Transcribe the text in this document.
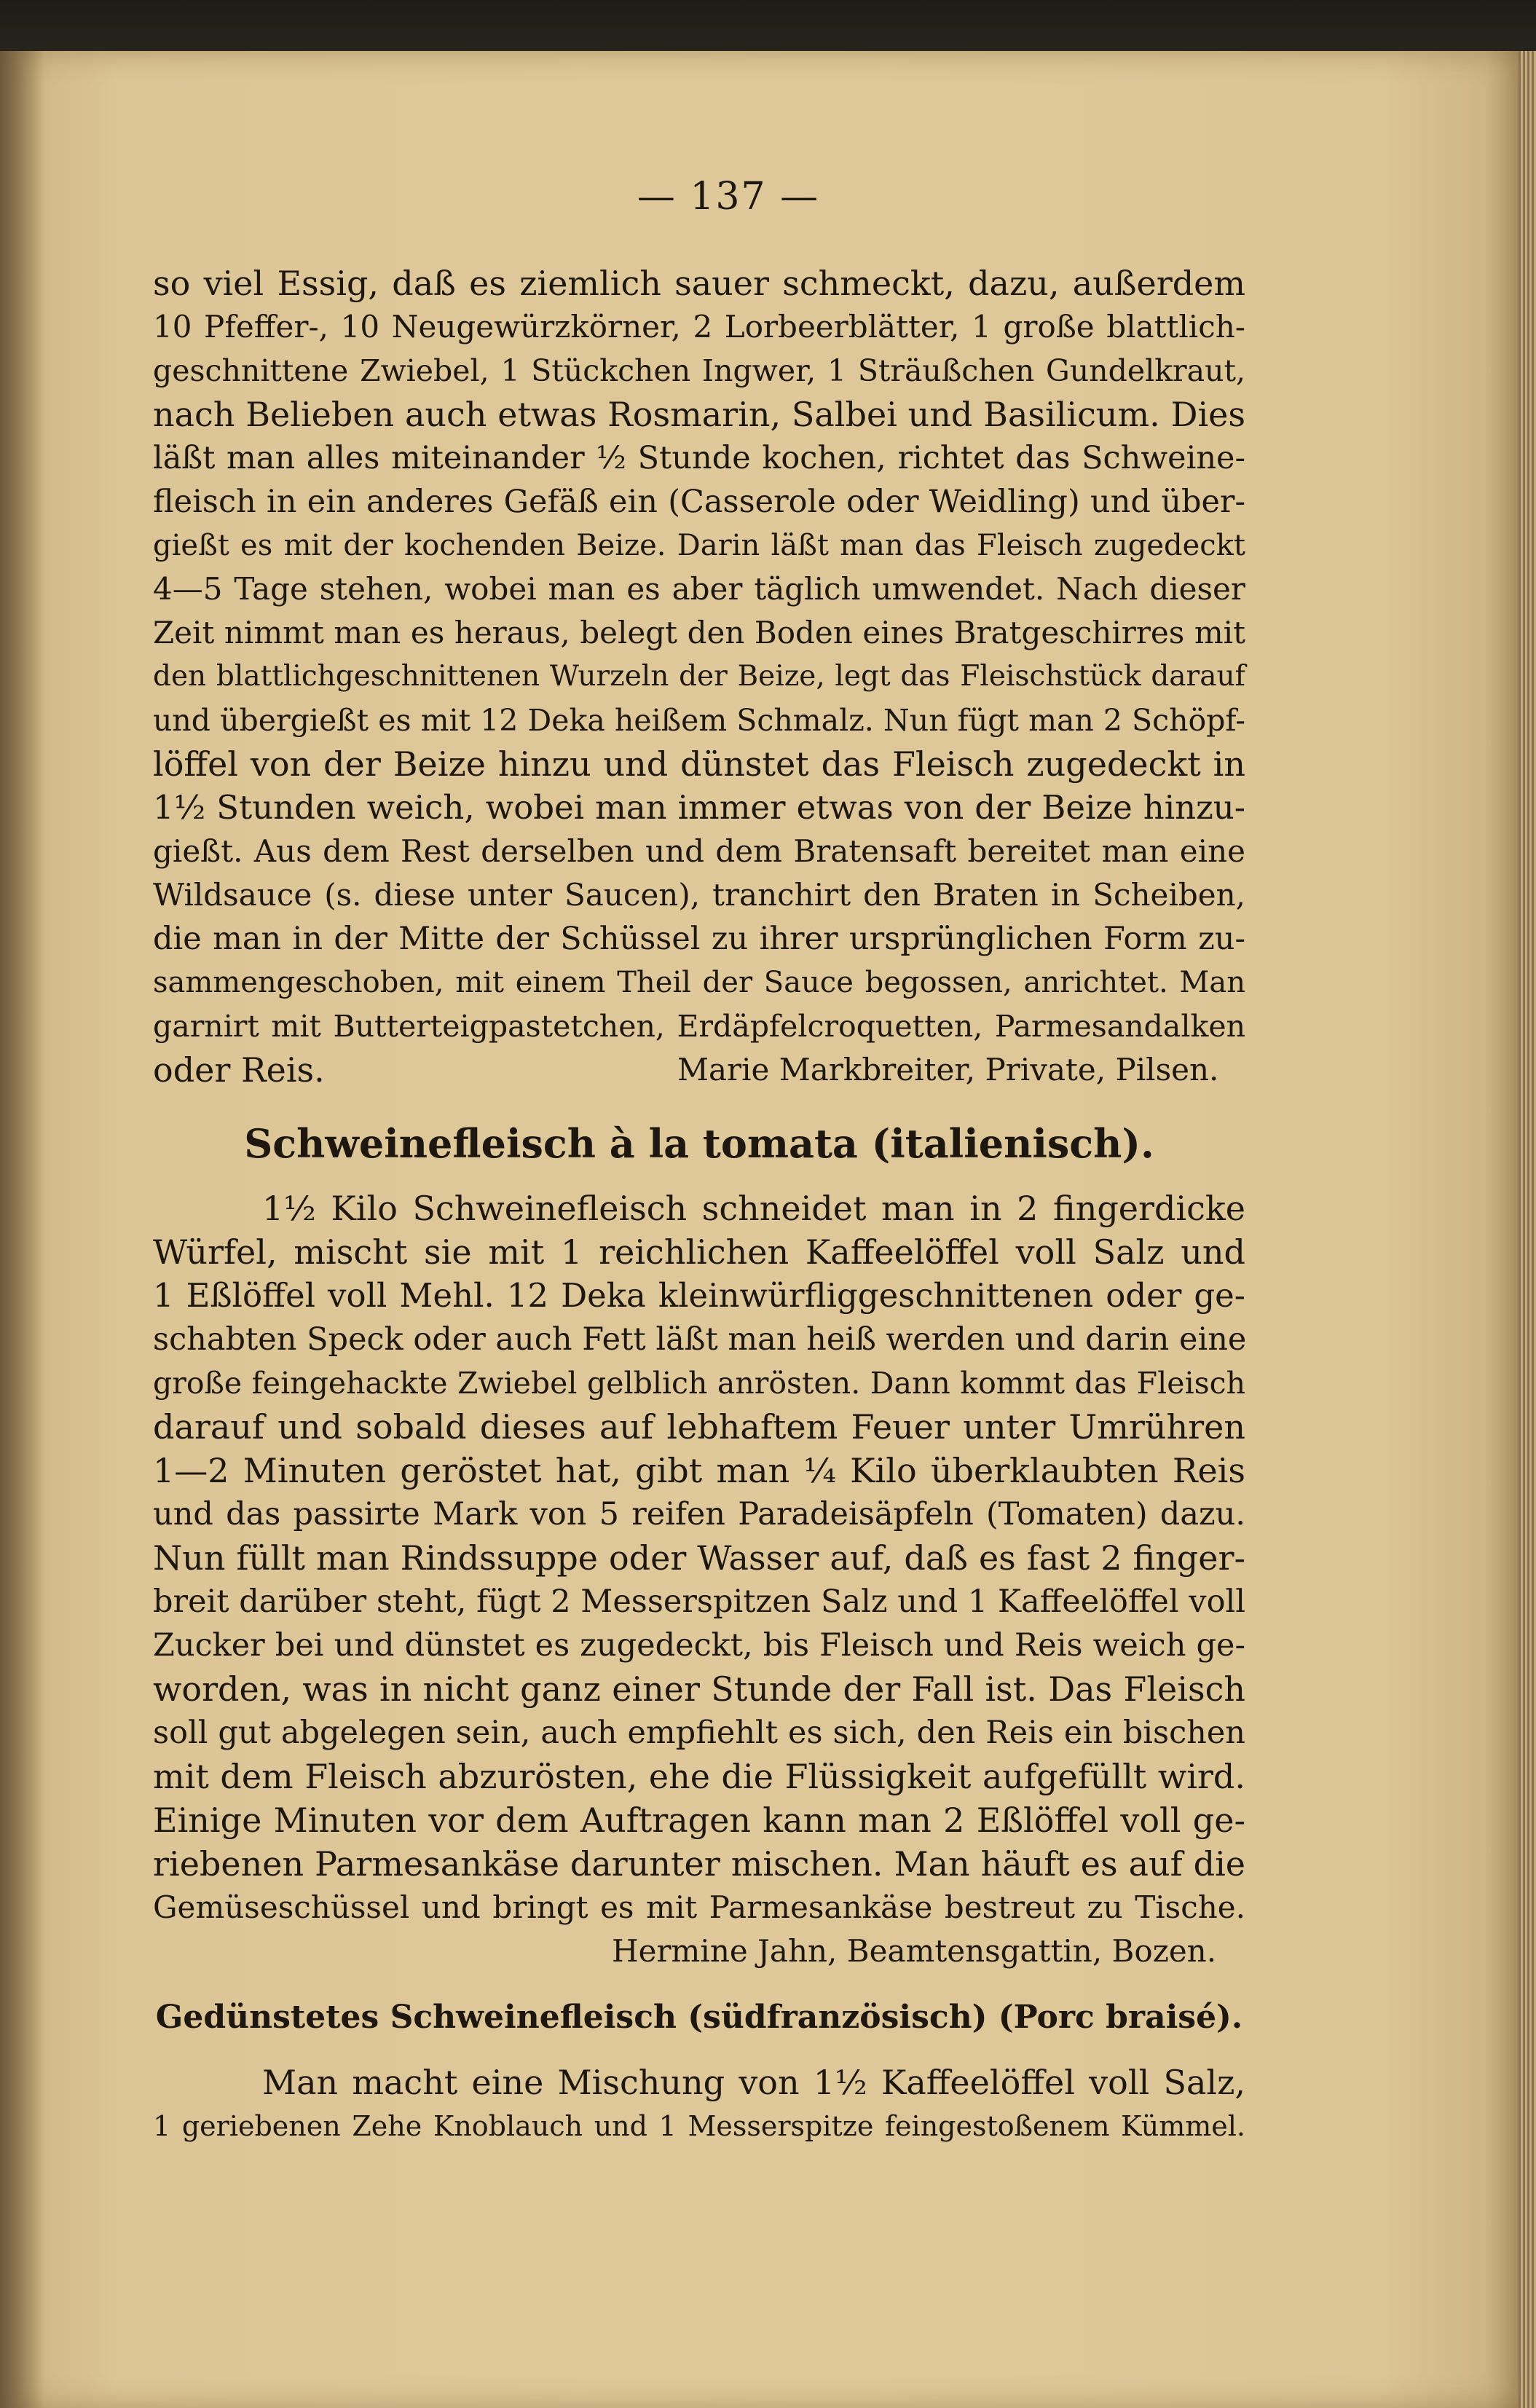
— 137 —
so viel Essig, daß es ziemlich sauer schmeckt, dazu, außerdem
10 Pfeffer-, 10 Neugewürzkörner, 2 Lorbeerblätter, 1 große blattlich-
geschnittene Zwiebel, 1 Stückchen Ingwer, 1 Sträußchen Gundelkraut,
nach Belieben auch etwas Rosmarin, Salbei und Basilicum. Dies
läßt man alles miteinander ½ Stunde kochen, richtet das Schweine-
fleisch in ein anderes Gefäß ein (Casserole oder Weidling) und über-
gießt es mit der kochenden Beize. Darin läßt man das Fleisch zugedeckt
4—5 Tage stehen, wobei man es aber täglich umwendet. Nach dieser
Zeit nimmt man es heraus, belegt den Boden eines Bratgeschirres mit
den blattlichgeschnittenen Wurzeln der Beize, legt das Fleischstück darauf
und übergießt es mit 12 Deka heißem Schmalz. Nun fügt man 2 Schöpf-
löffel von der Beize hinzu und dünstet das Fleisch zugedeckt in
1½ Stunden weich, wobei man immer etwas von der Beize hinzu-
gießt. Aus dem Rest derselben und dem Bratensaft bereitet man eine
Wildsauce (s. diese unter Saucen), tranchirt den Braten in Scheiben,
die man in der Mitte der Schüssel zu ihrer ursprünglichen Form zu-
sammengeschoben, mit einem Theil der Sauce begossen, anrichtet. Man
garnirt mit Butterteigpastetchen, Erdäpfelcroquetten, Parmesandalken
oder Reis.	Marie Markbreiter, Private, Pilsen.
Schweinefleisch à la tomata (italienisch).
1½ Kilo Schweinefleisch schneidet man in 2 fingerdicke
Würfel, mischt sie mit 1 reichlichen Kaffeelöffel voll Salz und
1 Eßlöffel voll Mehl. 12 Deka kleinwürfliggeschnittenen oder ge-
schabten Speck oder auch Fett läßt man heiß werden und darin eine
große feingehackte Zwiebel gelblich anrösten. Dann kommt das Fleisch
darauf und sobald dieses auf lebhaftem Feuer unter Umrühren
1—2 Minuten geröstet hat, gibt man ¼ Kilo überklaubten Reis
und das passirte Mark von 5 reifen Paradeisäpfeln (Tomaten) dazu.
Nun füllt man Rindssuppe oder Wasser auf, daß es fast 2 finger-
breit darüber steht, fügt 2 Messerspitzen Salz und 1 Kaffeelöffel voll
Zucker bei und dünstet es zugedeckt, bis Fleisch und Reis weich ge-
worden, was in nicht ganz einer Stunde der Fall ist. Das Fleisch
soll gut abgelegen sein, auch empfiehlt es sich, den Reis ein bischen
mit dem Fleisch abzurösten, ehe die Flüssigkeit aufgefüllt wird.
Einige Minuten vor dem Auftragen kann man 2 Eßlöffel voll ge-
riebenen Parmesankäse darunter mischen. Man häuft es auf die
Gemüseschüssel und bringt es mit Parmesankäse bestreut zu Tische.
Hermine Jahn, Beamtensgattin, Bozen.
Gedünstetes Schweinefleisch (südfranzösisch) (Porc braisé).
Man macht eine Mischung von 1½ Kaffeelöffel voll Salz,
1 geriebenen Zehe Knoblauch und 1 Messerspitze feingestoßenem Kümmel.
